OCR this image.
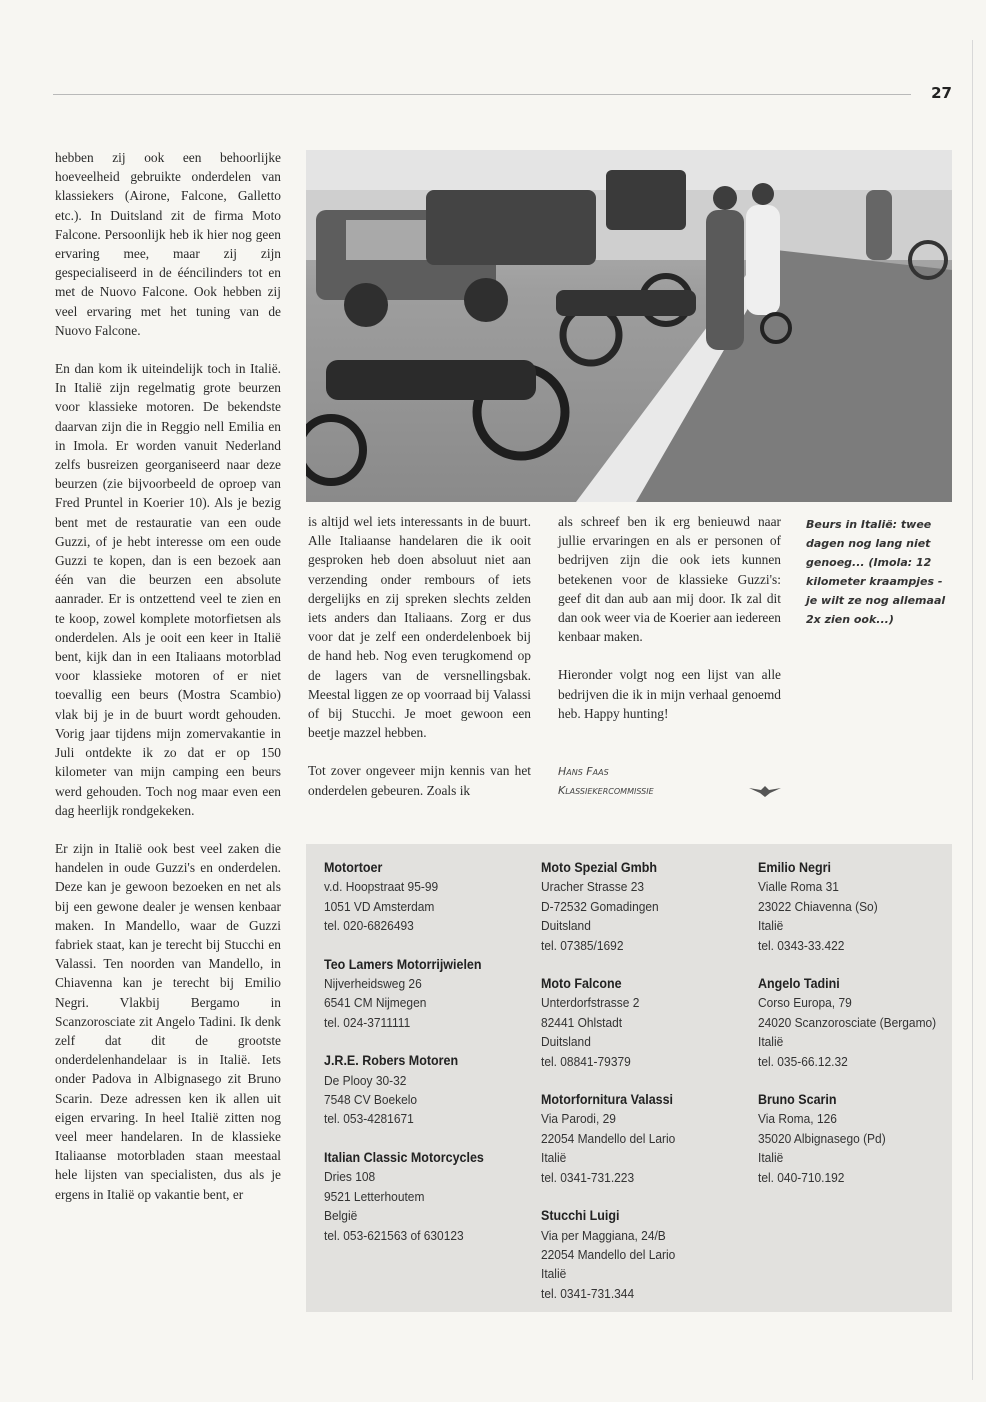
27

hebben zij ook een behoorlijke hoeveelheid gebruikte onderdelen van klassiekers (Airone, Falcone, Galletto etc.). In Duitsland zit de firma Moto Falcone. Persoonlijk heb ik hier nog geen ervaring mee, maar zij zijn gespecialiseerd in de ééncilinders tot en met de Nuovo Falcone. Ook hebben zij veel ervaring met het tuning van de Nuovo Falcone.

En dan kom ik uiteindelijk toch in Italië. In Italië zijn regelmatig grote beurzen voor klassieke motoren. De bekendste daarvan zijn die in Reggio nell Emilia en in Imola. Er worden vanuit Nederland zelfs busreizen georganiseerd naar deze beurzen (zie bijvoorbeeld de oproep van Fred Pruntel in Koerier 10). Als je bezig bent met de restauratie van een oude Guzzi, of je hebt interesse om een oude Guzzi te kopen, dan is een bezoek aan één van die beurzen een absolute aanrader. Er is ontzettend veel te zien en te koop, zowel komplete motorfietsen als onderdelen. Als je ooit een keer in Italië bent, kijk dan in een Italiaans motorblad voor klassieke motoren of er niet toevallig een beurs (Mostra Scambio) vlak bij je in de buurt wordt gehouden. Vorig jaar tijdens mijn zomervakantie in Juli ontdekte ik zo dat er op 150 kilometer van mijn camping een beurs werd gehouden. Toch nog maar even een dag heerlijk rondgekeken.

Er zijn in Italië ook best veel zaken die handelen in oude Guzzi's en onderdelen. Deze kan je gewoon bezoeken en net als bij een gewone dealer je wensen kenbaar maken. In Mandello, waar de Guzzi fabriek staat, kan je terecht bij Stucchi en Valassi. Ten noorden van Mandello, in Chiavenna kan je terecht bij Emilio Negri. Vlakbij Bergamo in Scanzorosciate zit Angelo Tadini. Ik denk zelf dat dit de grootste onderdelenhandelaar is in Italië. Iets onder Padova in Albignasego zit Bruno Scarin. Deze adressen ken ik allen uit eigen ervaring. In heel Italië zitten nog veel meer handelaren. In de klassieke Italiaanse motorbladen staan meestaal hele lijsten van specialisten, dus als je ergens in Italië op vakantie bent, er

is altijd wel iets interessants in de buurt. Alle Italiaanse handelaren die ik ooit gesproken heb doen absoluut niet aan verzending onder rembours of iets dergelijks en zij spreken slechts zelden iets anders dan Italiaans. Zorg er dus voor dat je zelf een onderdelenboek bij de hand heb. Nog even terugkomend op de lagers van de versnellingsbak. Meestal liggen ze op voorraad bij Valassi of bij Stucchi. Je moet gewoon een beetje mazzel hebben.

Tot zover ongeveer mijn kennis van het onderdelen gebeuren. Zoals ik

als schreef ben ik erg benieuwd naar jullie ervaringen en als er personen of bedrijven zijn die ook iets kunnen betekenen voor de klassieke Guzzi's: geef dit dan aub aan mij door. Ik zal dit dan ook weer via de Koerier aan iedereen kenbaar maken.

Hieronder volgt nog een lijst van alle bedrijven die ik in mijn verhaal genoemd heb. Happy hunting!

Hans Faas
Klassiekercommissie
Beurs in Italië: twee dagen nog lang niet genoeg... (Imola: 12 kilometer kraampjes - je wilt ze nog allemaal 2x zien ook...)
Motortoer
v.d. Hoopstraat 95-99
1051 VD Amsterdam
tel. 020-6826493
Teo Lamers Motorrijwielen
Nijverheidsweg 26
6541 CM Nijmegen
tel. 024-3711111
J.R.E. Robers Motoren
De Plooy 30-32
7548 CV Boekelo
tel. 053-4281671
Italian Classic Motorcycles
Dries 108
9521 Letterhoutem
België
tel. 053-621563 of 630123
Moto Spezial Gmbh
Uracher Strasse 23
D-72532 Gomadingen
Duitsland
tel. 07385/1692
Moto Falcone
Unterdorfstrasse 2
82441 Ohlstadt
Duitsland
tel. 08841-79379
Motorfornitura Valassi
Via Parodi, 29
22054 Mandello del Lario
Italië
tel. 0341-731.223
Stucchi Luigi
Via per Maggiana, 24/B
22054 Mandello del Lario
Italië
tel. 0341-731.344
Emilio Negri
Vialle Roma 31
23022 Chiavenna (So)
Italië
tel. 0343-33.422
Angelo Tadini
Corso Europa, 79
24020 Scanzorosciate (Bergamo)
Italië
tel. 035-66.12.32
Bruno Scarin
Via Roma, 126
35020 Albignasego (Pd)
Italië
tel. 040-710.192
